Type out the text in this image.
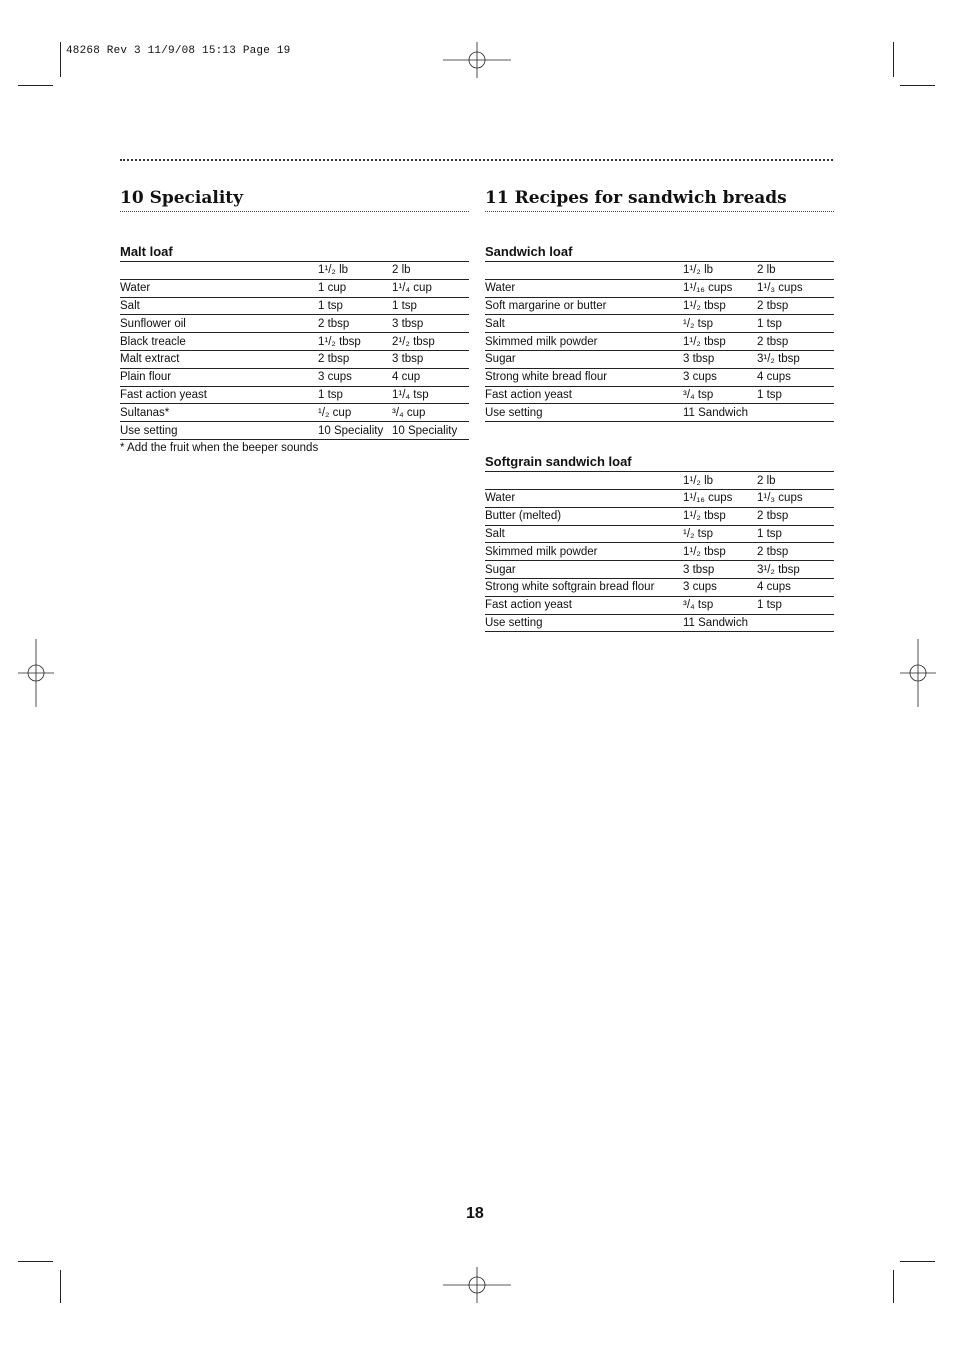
48268 Rev 3 11/9/08 15:13 Page 19
10 Speciality
Malt loaf
	1¹/₂ lb	2 lb
Water	1 cup	1¹/₄ cup
Salt	1 tsp	1 tsp
Sunflower oil	2 tbsp	3 tbsp
Black treacle	1¹/₂ tbsp	2¹/₂ tbsp
Malt extract	2 tbsp	3 tbsp
Plain flour	3 cups	4 cup
Fast action yeast	1 tsp	1¹/₄ tsp
Sultanas*	¹/₂ cup	³/₄ cup
Use setting	10 Speciality	10 Speciality
* Add the fruit when the beeper sounds
11 Recipes for sandwich breads
Sandwich loaf
	1¹/₂ lb	2 lb
Water	1¹/₁₆ cups	1¹/₃ cups
Soft margarine or butter	1¹/₂ tbsp	2 tbsp
Salt	¹/₂ tsp	1 tsp
Skimmed milk powder	1¹/₂ tbsp	2 tbsp
Sugar	3 tbsp	3¹/₂ tbsp
Strong white bread flour	3 cups	4 cups
Fast action yeast	³/₄ tsp	1 tsp
Use setting	11 Sandwich	
Softgrain sandwich loaf
	1¹/₂ lb	2 lb
Water	1¹/₁₆ cups	1¹/₃ cups
Butter (melted)	1¹/₂ tbsp	2 tbsp
Salt	¹/₂ tsp	1 tsp
Skimmed milk powder	1¹/₂ tbsp	2 tbsp
Sugar	3 tbsp	3¹/₂ tbsp
Strong white softgrain bread flour	3 cups	4 cups
Fast action yeast	³/₄ tsp	1 tsp
Use setting	11 Sandwich	
18
